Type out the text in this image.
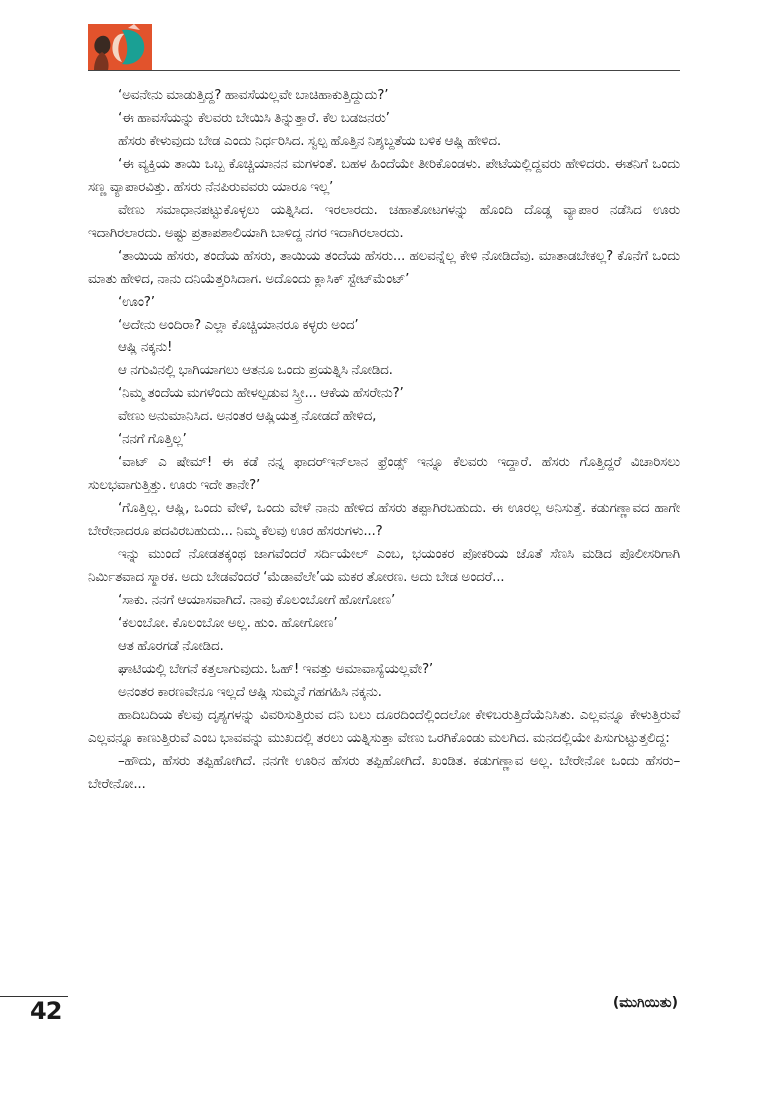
‘ಅವನೇನು ಮಾಡುತ್ತಿದ್ದ? ಹಾವಸೆಯಲ್ಲವೇ ಬಾಚಿಹಾಕುತ್ತಿದ್ದುದು?’

‘ಈ ಹಾವಸೆಯನ್ನು ಕೆಲವರು ಬೇಯಿಸಿ ತಿನ್ನುತ್ತಾರೆ. ಕೆಲ ಬಡಜನರು’

ಹೆಸರು ಕೇಳುವುದು ಬೇಡ ಎಂದು ನಿರ್ಧರಿಸಿದ. ಸ್ವಲ್ಪ ಹೊತ್ತಿನ ನಿಶ್ಶಬ್ದತೆಯ ಬಳಿಕ ಆಷ್ಲಿ ಹೇಳಿದ.

‘ಈ ವ್ಯಕ್ತಿಯ ತಾಯಿ ಒಬ್ಬ ಕೊಚ್ಚಿಯಾನನ ಮಗಳಂತೆ. ಬಹಳ ಹಿಂದೆಯೇ ತೀರಿಕೊಂಡಳು. ಪೇಟೆಯಲ್ಲಿದ್ದವರು ಹೇಳಿದರು. ಈತನಿಗೆ ಒಂದು ಸಣ್ಣ ವ್ಯಾಪಾರವಿತ್ತು. ಹೆಸರು ನೆನಪಿರುವವರು ಯಾರೂ ಇಲ್ಲ’

ವೇಣು ಸಮಾಧಾನಪಟ್ಟುಕೊಳ್ಳಲು ಯತ್ನಿಸಿದ. ಇರಲಾರದು. ಚಹಾತೋಟಗಳನ್ನು ಹೊಂದಿ ದೊಡ್ಡ ವ್ಯಾಪಾರ ನಡೆಸಿದ ಊರು ಇದಾಗಿರಲಾರದು. ಅಷ್ಟು ಪ್ರತಾಪಶಾಲಿಯಾಗಿ ಬಾಳಿದ್ದ ನಗರ ಇದಾಗಿರಲಾರದು.

‘ತಾಯಿಯ ಹೆಸರು, ತಂದೆಯ ಹೆಸರು, ತಾಯಿಯ ತಂದೆಯ ಹೆಸರು... ಹಲವನ್ನೆಲ್ಲ ಕೇಳಿ ನೋಡಿದೆವು. ಮಾತಾಡಬೇಕಲ್ಲ? ಕೊನೆಗೆ ಒಂದು ಮಾತು ಹೇಳಿದ, ನಾನು ದನಿಯೆತ್ತರಿಸಿದಾಗ. ಅದೊಂದು ಕ್ಲಾಸಿಕ್ ಸ್ಟೇಟ್‌ಮೆಂಟ್’

‘ಊಂ?’

‘ಅದೇನು ಅಂದಿರಾ? ಎಲ್ಲಾ ಕೊಚ್ಚಿಯಾನರೂ ಕಳ್ಳರು ಅಂದ’

ಆಷ್ಲಿ ನಕ್ಕನು!

ಆ ನಗುವಿನಲ್ಲಿ ಭಾಗಿಯಾಗಲು ಆತನೂ ಒಂದು ಪ್ರಯತ್ನಿಸಿ ನೋಡಿದ.

‘ನಿಮ್ಮ ತಂದೆಯ ಮಗಳೆಂದು ಹೇಳಲ್ಪಡುವ ಸ್ತ್ರೀ... ಆಕೆಯ ಹೆಸರೇನು?’

ವೇಣು ಅನುಮಾನಿಸಿದ. ಅನಂತರ ಆಷ್ಲಿಯತ್ತ ನೋಡದೆ ಹೇಳಿದ,

‘ನನಗೆ ಗೊತ್ತಿಲ್ಲ’

‘ವಾಟ್ ಎ ಷೇಮ್! ಈ ಕಡೆ ನನ್ನ ಫಾದರ್‌ಇನ್‌ಲಾನ ಫ್ರೆಂಡ್ಸ್ ಇನ್ನೂ ಕೆಲವರು ಇದ್ದಾರೆ. ಹೆಸರು ಗೊತ್ತಿದ್ದರೆ ವಿಚಾರಿಸಲು ಸುಲಭವಾಗುತ್ತಿತ್ತು. ಊರು ಇದೇ ತಾನೇ?’

‘ಗೊತ್ತಿಲ್ಲ. ಆಷ್ಲಿ, ಒಂದು ವೇಳೆ, ಒಂದು ವೇಳೆ ನಾನು ಹೇಳಿದ ಹೆಸರು ತಪ್ಪಾಗಿರಬಹುದು. ಈ ಊರಲ್ಲ ಅನಿಸುತ್ತೆ. ಕಡುಗಣ್ಣಾವದ ಹಾಗೇ ಬೇರೇನಾದರೂ ಪದವಿರಬಹುದು... ನಿಮ್ಮ ಕೆಲವು ಊರ ಹೆಸರುಗಳು...?

ಇನ್ನು ಮುಂದೆ ನೋಡತಕ್ಕಂಥ ಜಾಗವೆಂದರೆ ಸರ್ದಿಯೇಲ್ ಎಂಬ, ಭಯಂಕರ ಪೋಕರಿಯ ಜೊತೆ ಸೆಣಸಿ ಮಡಿದ ಪೊಲೀಸರಿಗಾಗಿ ನಿರ್ಮಿತವಾದ ಸ್ಮಾರಕ. ಅದು ಬೇಡವೆಂದರೆ ‘ಮೆಡಾವೆಲೇ’ಯ ಮಕರ ತೋರಣ. ಅದು ಬೇಡ ಅಂದರೆ...

‘ಸಾಕು. ನನಗೆ ಆಯಾಸವಾಗಿದೆ. ನಾವು ಕೊಲಂಬೋಗೆ ಹೋಗೋಣ’

‘ಕಲಂಬೋ. ಕೊಲಂಬೋ ಅಲ್ಲ. ಹುಂ. ಹೋಗೋಣ’

ಆತ ಹೊರಗಡೆ ನೋಡಿದ.

ಘಾಟಿಯಲ್ಲಿ ಬೇಗನೆ ಕತ್ತಲಾಗುವುದು. ಓಹ್! ಇವತ್ತು ಅಮಾವಾಸ್ಯೆಯಲ್ಲವೇ?’

ಅನಂತರ ಕಾರಣವೇನೂ ಇಲ್ಲದೆ ಆಷ್ಲಿ ಸುಮ್ಮನೆ ಗಹಗಹಿಸಿ ನಕ್ಕನು.

ಹಾದಿಬದಿಯ ಕೆಲವು ದೃಶ್ಯಗಳನ್ನು ವಿವರಿಸುತ್ತಿರುವ ದನಿ ಬಲು ದೂರದಿಂದೆಲ್ಲಿಂದಲೋ ಕೇಳಿಬರುತ್ತಿದೆಯೆನಿಸಿತು. ಎಲ್ಲವನ್ನೂ ಕೇಳುತ್ತಿರುವೆ ಎಲ್ಲವನ್ನೂ ಕಾಣುತ್ತಿರುವೆ ಎಂಬ ಭಾವವನ್ನು ಮುಖದಲ್ಲಿ ತರಲು ಯತ್ನಿಸುತ್ತಾ ವೇಣು ಒರಗಿಕೊಂಡು ಮಲಗಿದ. ಮನದಲ್ಲಿಯೇ ಪಿಸುಗುಟ್ಟುತ್ತಲಿದ್ದ:

–ಹೌದು, ಹೆಸರು ತಪ್ಪಿಹೋಗಿದೆ. ನನಗೇ ಊರಿನ ಹೆಸರು ತಪ್ಪಿಹೋಗಿದೆ. ಖಂಡಿತ. ಕಡುಗಣ್ಣಾವ ಅಲ್ಲ. ಬೇರೇನೋ ಒಂದು ಹೆಸರು–ಬೇರೇನೋ...

42	(ಮುಗಿಯಿತು)
